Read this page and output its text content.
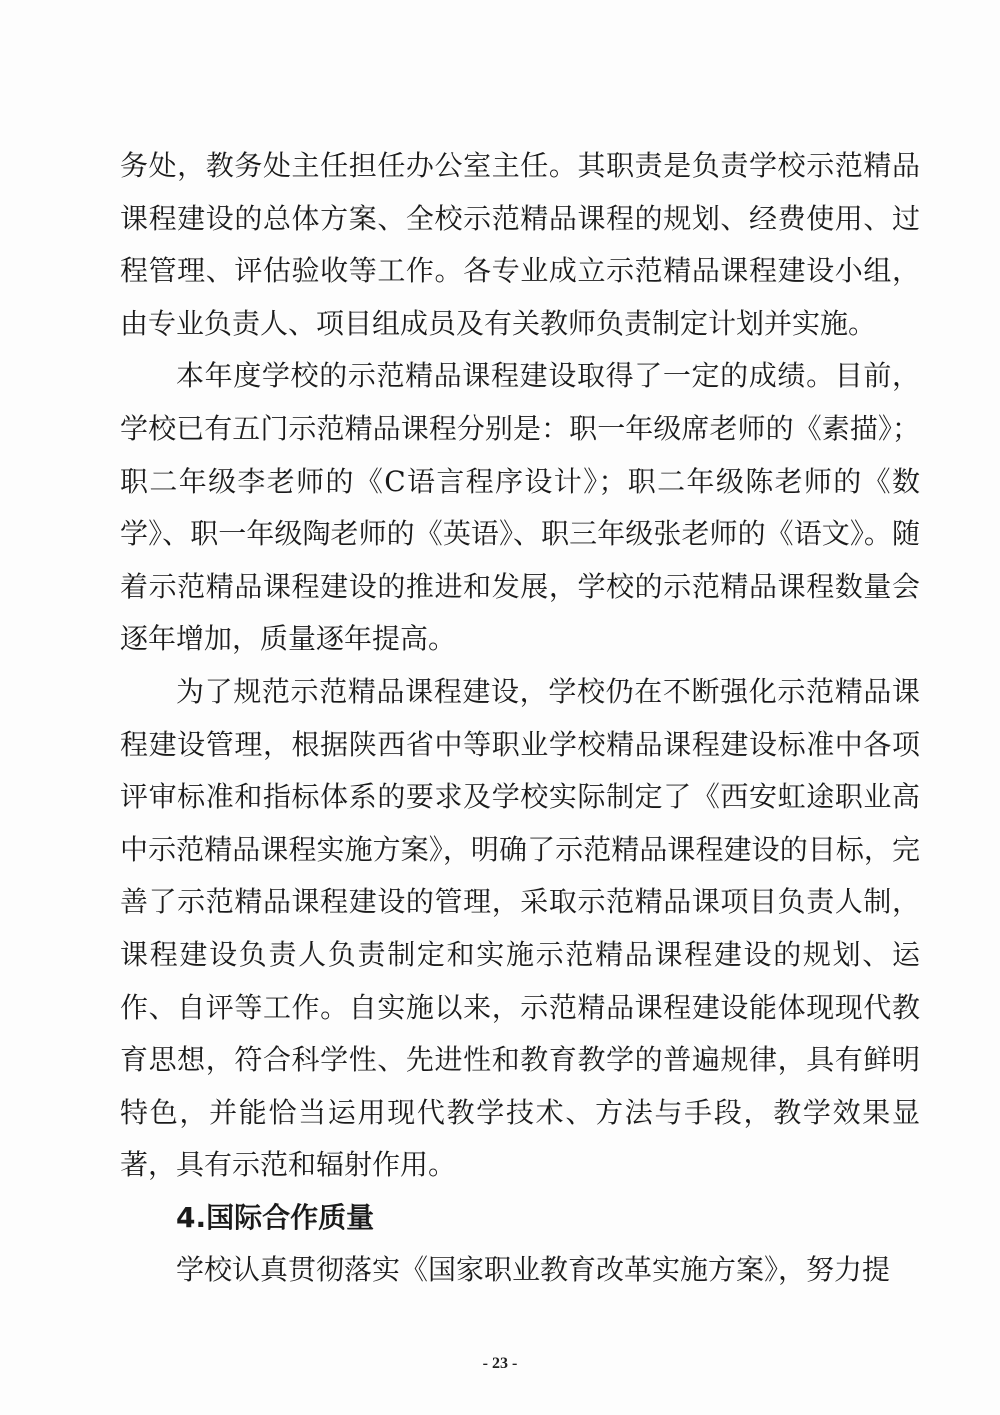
务处，教务处主任担任办公室主任。其职责是负责学校示范精品课程建设的总体方案、全校示范精品课程的规划、经费使用、过程管理、评估验收等工作。各专业成立示范精品课程建设小组，由专业负责人、项目组成员及有关教师负责制定计划并实施。

本年度学校的示范精品课程建设取得了一定的成绩。目前，学校已有五门示范精品课程分别是：职一年级席老师的《素描》；职二年级李老师的《C语言程序设计》；职二年级陈老师的《数学》、职一年级陶老师的《英语》、职三年级张老师的《语文》。随着示范精品课程建设的推进和发展，学校的示范精品课程数量会逐年增加，质量逐年提高。

为了规范示范精品课程建设，学校仍在不断强化示范精品课程建设管理，根据陕西省中等职业学校精品课程建设标准中各项评审标准和指标体系的要求及学校实际制定了《西安虹途职业高中示范精品课程实施方案》，明确了示范精品课程建设的目标，完善了示范精品课程建设的管理，采取示范精品课项目负责人制，课程建设负责人负责制定和实施示范精品课程建设的规划、运作、自评等工作。自实施以来，示范精品课程建设能体现现代教育思想，符合科学性、先进性和教育教学的普遍规律，具有鲜明特色，并能恰当运用现代教学技术、方法与手段，教学效果显著，具有示范和辐射作用。

4.国际合作质量

学校认真贯彻落实《国家职业教育改革实施方案》，努力提

- 23 -
